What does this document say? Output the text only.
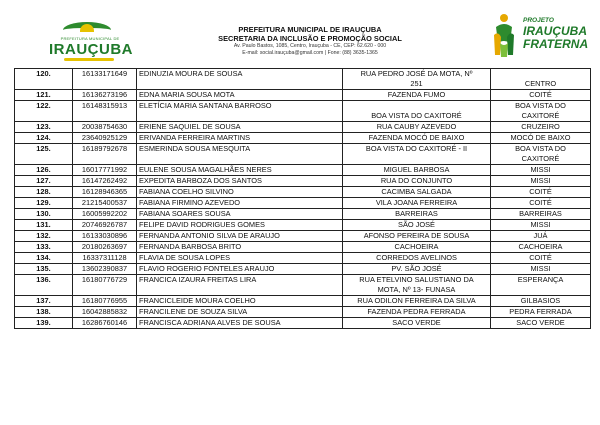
PREFEITURA MUNICIPAL DE
IRAUÇUBA
PREFEITURA MUNICIPAL DE IRAUÇUBA
SECRETARIA DA INCLUSÃO E PROMOÇÃO SOCIAL
Av. Paulo Bastos, 1085, Centro, Irauçuba - CE, CEP: 62.620 - 000
E-mail: social.irauçuba@gmail.com | Fone: (88) 3635-1365
PROJETO
IRAUÇUBA
FRATERNA
120.	16133171649	EDINUZIA MOURA DE SOUSA	RUA PEDRO JOSÉ DA MOTA, Nº
251	CENTRO

121.	16136273196	EDNA MARIA SOUSA MOTA	FAZENDA FUMO	COITÉ

122.	16148315913	ELETÍCIA MARIA SANTANA BARROSO	BOA VISTA DO CAXITORÉ	BOA VISTA DO
CAXITORÉ

123.	20038754630	ERIENE SAQUIEL DE SOUSA	RUA CAUBY AZEVEDO	CRUZEIRO

124.	23640925129	ERIVANDA FERREIRA MARTINS	FAZENDA MOCÓ DE BAIXO	MOCÓ DE BAIXO

125.	16189792678	ESMERINDA SOUSA MESQUITA	BOA VISTA DO CAXITORÉ - II	BOA VISTA DO
CAXITORÉ

126.	16017771992	EULENE SOUSA MAGALHÃES NERES	MIGUEL BARBOSA	MISSI

127.	16147262492	EXPEDITA BARBOZA DOS SANTOS	RUA DO CONJUNTO	MISSI

128.	16128946365	FABIANA COELHO SILVINO	CACIMBA SALGADA	COITÉ

129.	21215400537	FABIANA FIRMINO AZEVEDO	VILA JOANA FERREIRA	COITÉ

130.	16005992202	FABIANA SOARES SOUSA	BARREIRAS	BARREIRAS

131.	20746926787	FELIPE DAVID RODRIGUES GOMES	SÃO JOSÉ	MISSI

132.	16133030896	FERNANDA ANTONIO SILVA DE ARAUJO	AFONSO PEREIRA DE SOUSA	JUÁ

133.	20180263697	FERNANDA BARBOSA BRITO	CACHOEIRA	CACHOEIRA

134.	16337311128	FLAVIA DE SOUSA LOPES	CORREDOS AVELINOS	COITÉ

135.	13602390837	FLAVIO ROGERIO FONTELES ARAUJO	PV. SÃO JOSÉ	MISSI

136.	16180776729	FRANCICA IZAURA FREITAS LIRA	RUA ETELVINO SALUSTIANO DA
MOTA, Nº 13- FUNASA	ESPERANÇA

137.	16180776955	FRANCICLEIDE MOURA COELHO	RUA ODILON FERREIRA DA SILVA	GILBASIOS

138.	16042885832	FRANCILENE DE SOUZA SILVA	FAZENDA PEDRA FERRADA	PEDRA FERRADA

139.	16286760146	FRANCISCA ADRIANA ALVES DE SOUSA	SACO VERDE	SACO VERDE
